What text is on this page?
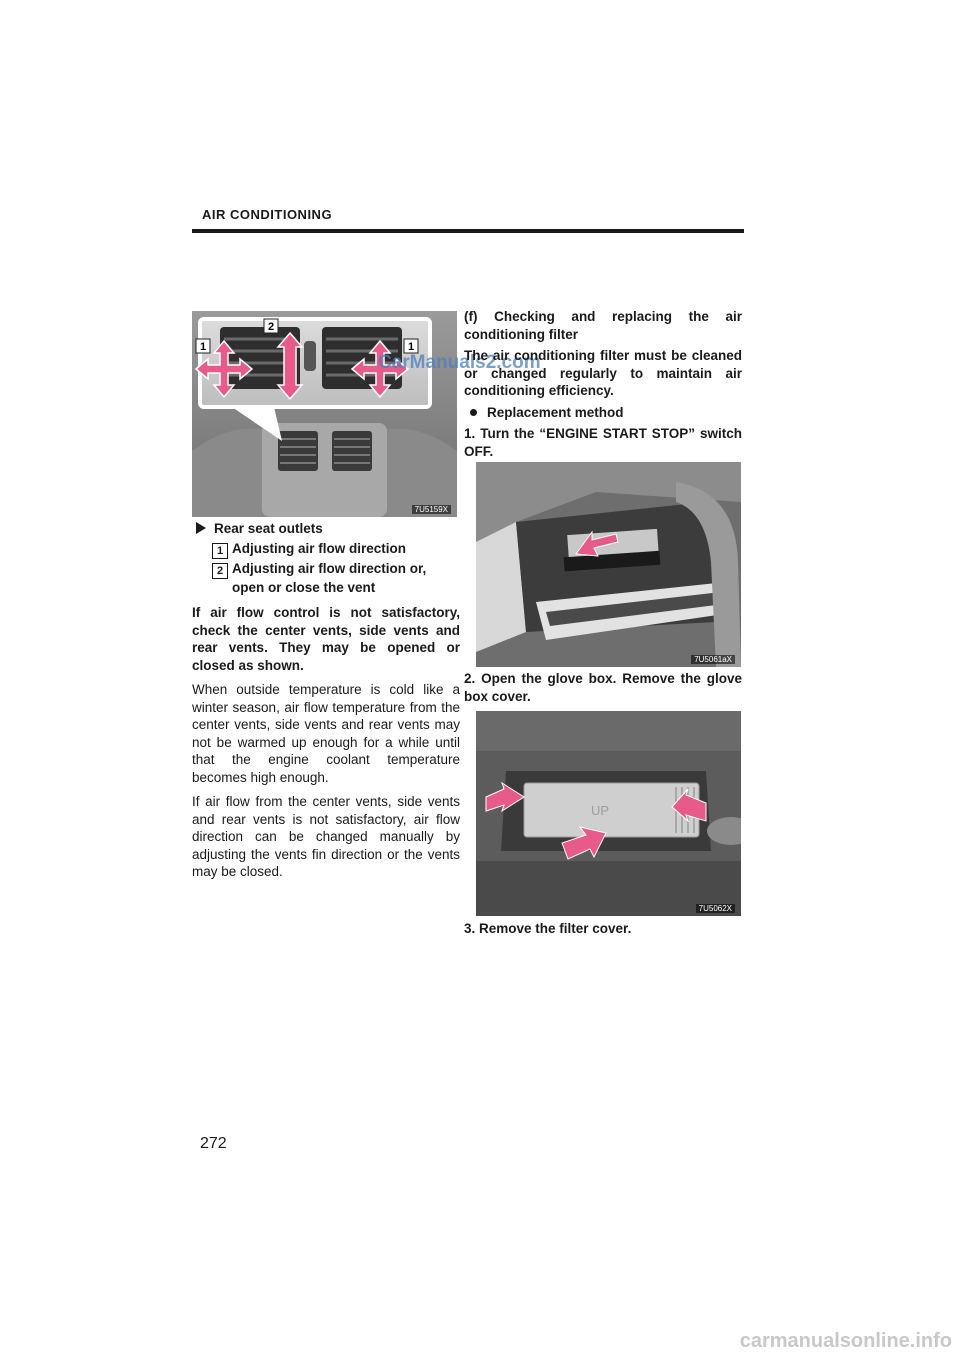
AIR CONDITIONING
1
2
1
7U5159X
CarManuals2.com

Rear seat outlets

1 Adjusting air flow direction

2 Adjusting air flow direction or,

open or close the vent

If air flow control is not satisfactory, check the center vents, side vents and rear vents. They may be opened or closed as shown.

When outside temperature is cold like a winter season, air flow temperature from the center vents, side vents and rear vents may not be warmed up enough for a while until that the engine coolant temperature becomes high enough.

If air flow from the center vents, side vents and rear vents is not satisfactory, air flow direction can be changed manually by adjusting the vents fin direction or the vents may be closed.

(f) Checking and replacing the air conditioning filter

The air conditioning filter must be cleaned or changed regularly to maintain air conditioning efficiency.

Replacement method

1. Turn the “ENGINE START STOP” switch OFF.

7U5061aX

2. Open the glove box. Remove the glove box cover.

UP
7U5062X

3. Remove the filter cover.

272
carmanualsonline.info
